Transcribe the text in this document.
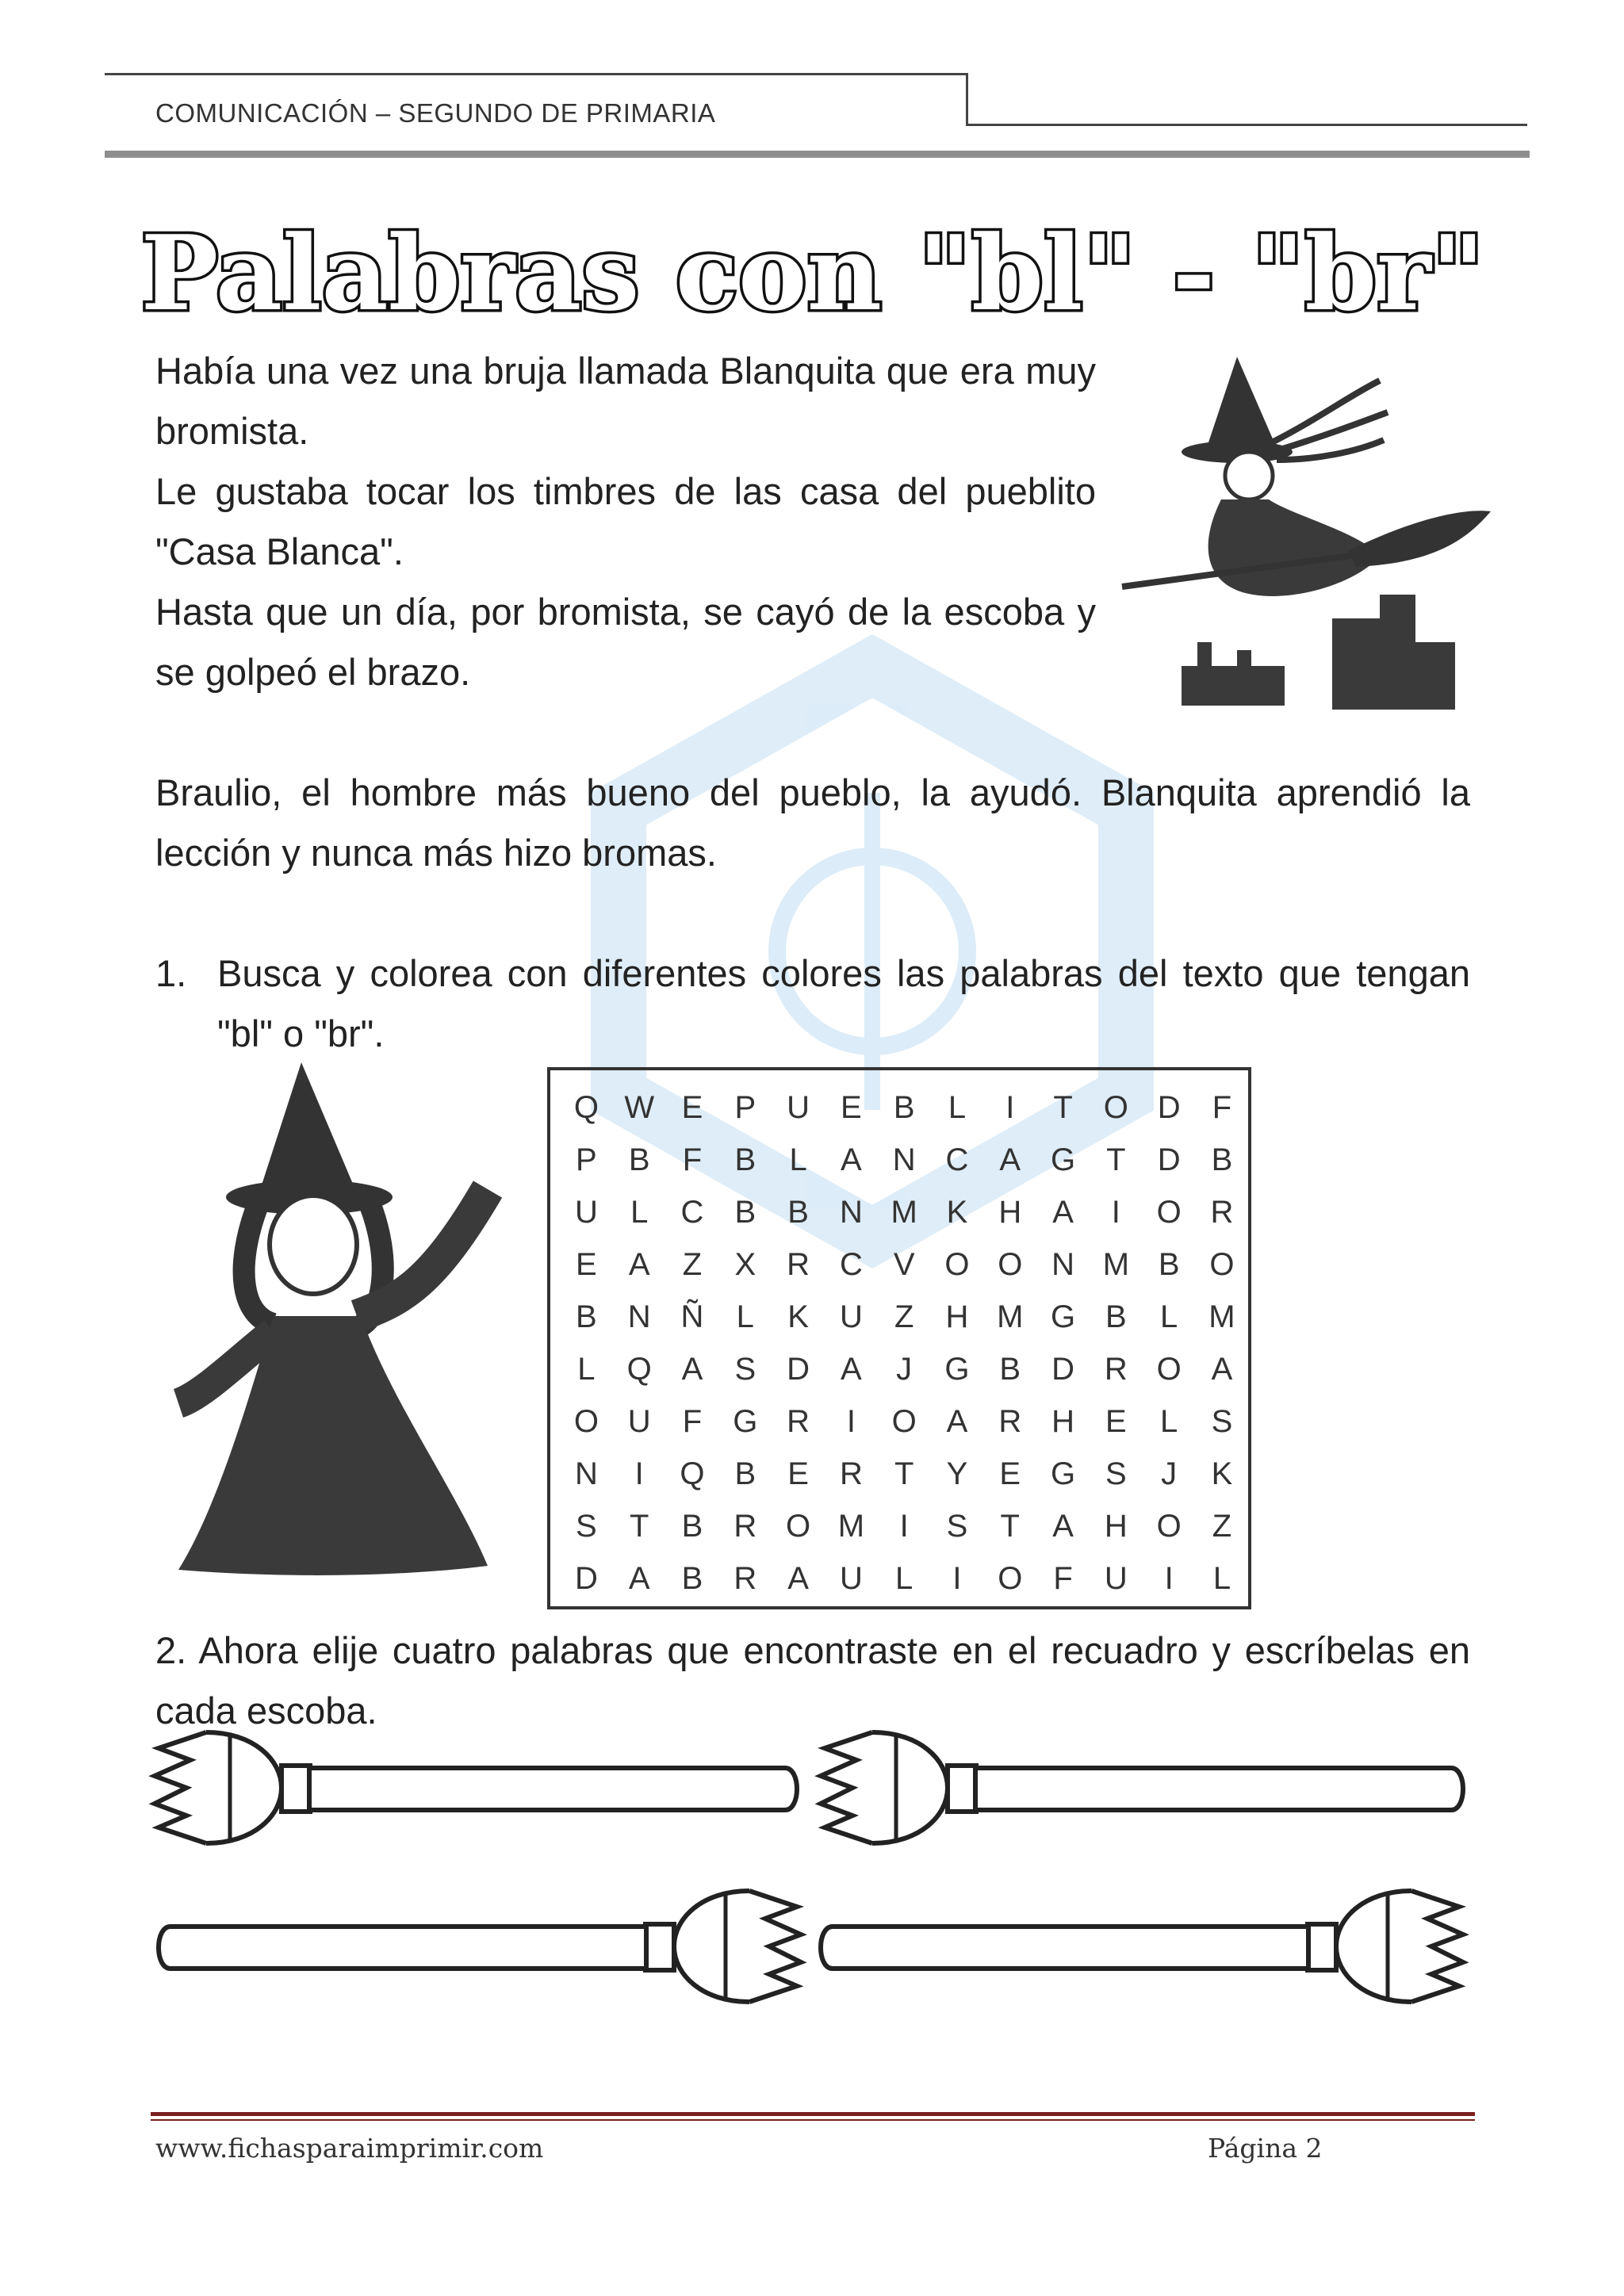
COMUNICACIÓN – SEGUNDO DE PRIMARIA
Palabras con "bl" - "br"
Había una vez una bruja llamada Blanquita que era muy bromista.
Le gustaba tocar los timbres de las casa del pueblito "Casa Blanca".
Hasta que un día, por bromista, se cayó de la escoba y se golpeó el brazo.
Braulio, el hombre más bueno del pueblo, la ayudó. Blanquita aprendió la lección y nunca más hizo bromas.
1. Busca y colorea con diferentes colores las palabras del texto que tengan "bl" o "br".
Q W E	P U E	B	L	I	T O D	F
P	B	F	B	L	A N C A G T	D B
U	L	C B	B N M K H A	I	O R
E	A	Z	X R C V O O N M B O
B N Ñ	L	K U	Z	H M G B	L M
L	Q A	S D A	J	G B D R O A
O U	F G R	I	O A R H E	L	S
N	I	Q B	E R	T	Y	E G S	J	K
S	T	B R O M	I	S	T	A H O Z
D A	B R A U	L	I	O F	U	I	L
2. Ahora elije cuatro palabras que encontraste en el recuadro y escríbelas en cada escoba.
www.fichasparaimprimir.com	Página 2
